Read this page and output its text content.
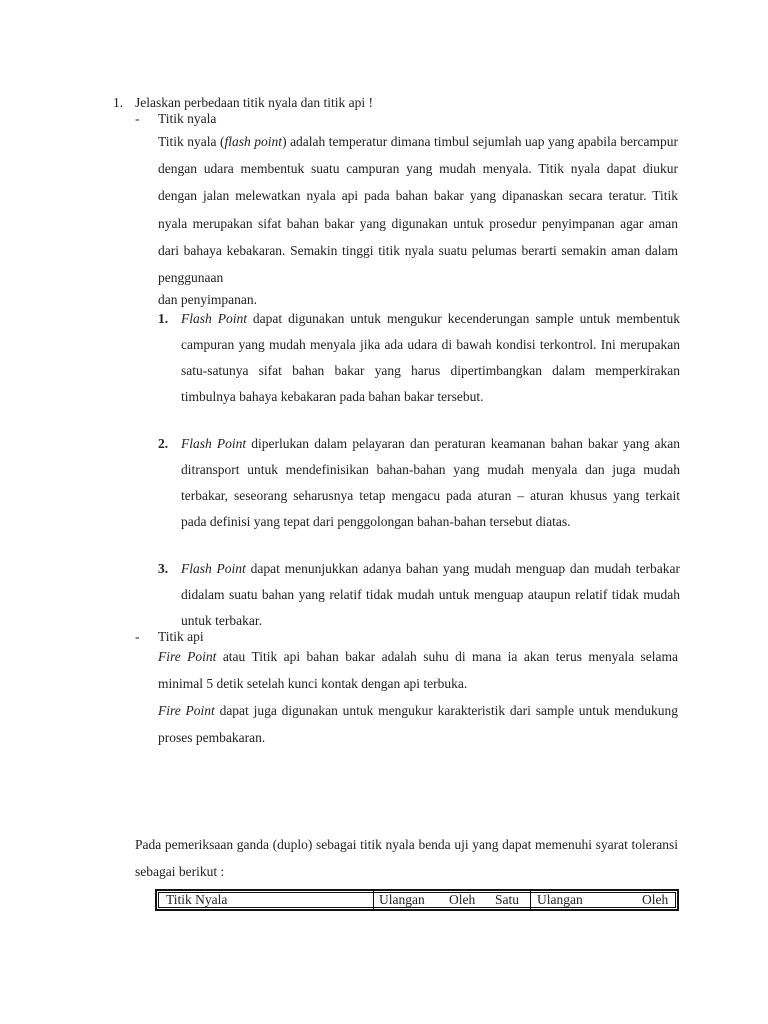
1. Jelaskan perbedaan titik nyala dan titik api !
- Titik nyala
Titik nyala (flash point) adalah temperatur dimana timbul sejumlah uap yang apabila bercampur dengan udara membentuk suatu campuran yang mudah menyala. Titik nyala dapat diukur dengan jalan melewatkan nyala api pada bahan bakar yang dipanaskan secara teratur. Titik nyala merupakan sifat bahan bakar yang digunakan untuk prosedur penyimpanan agar aman dari bahaya kebakaran. Semakin tinggi titik nyala suatu pelumas berarti semakin aman dalam penggunaan
dan penyimpanan.
1. Flash Point dapat digunakan untuk mengukur kecenderungan sample untuk membentuk campuran yang mudah menyala jika ada udara di bawah kondisi terkontrol. Ini merupakan satu-satunya sifat bahan bakar yang harus dipertimbangkan dalam memperkirakan timbulnya bahaya kebakaran pada bahan bakar tersebut.
2. Flash Point diperlukan dalam pelayaran dan peraturan keamanan bahan bakar yang akan ditransport untuk mendefinisikan bahan-bahan yang mudah menyala dan juga mudah terbakar, seseorang seharusnya tetap mengacu pada aturan – aturan khusus yang terkait pada definisi yang tepat dari penggolongan bahan-bahan tersebut diatas.
3. Flash Point dapat menunjukkan adanya bahan yang mudah menguap dan mudah terbakar didalam suatu bahan yang relatif tidak mudah untuk menguap ataupun relatif tidak mudah untuk terbakar.
- Titik api
Fire Point atau Titik api bahan bakar adalah suhu di mana ia akan terus menyala selama minimal 5 detik setelah kunci kontak dengan api terbuka.
Fire Point dapat juga digunakan untuk mengukur karakteristik dari sample untuk mendukung proses pembakaran.
Pada pemeriksaan ganda (duplo) sebagai titik nyala benda uji yang dapat memenuhi syarat toleransi sebagai berikut :
Titik Nyala	Ulangan Oleh Satu Ulangan	Oleh
